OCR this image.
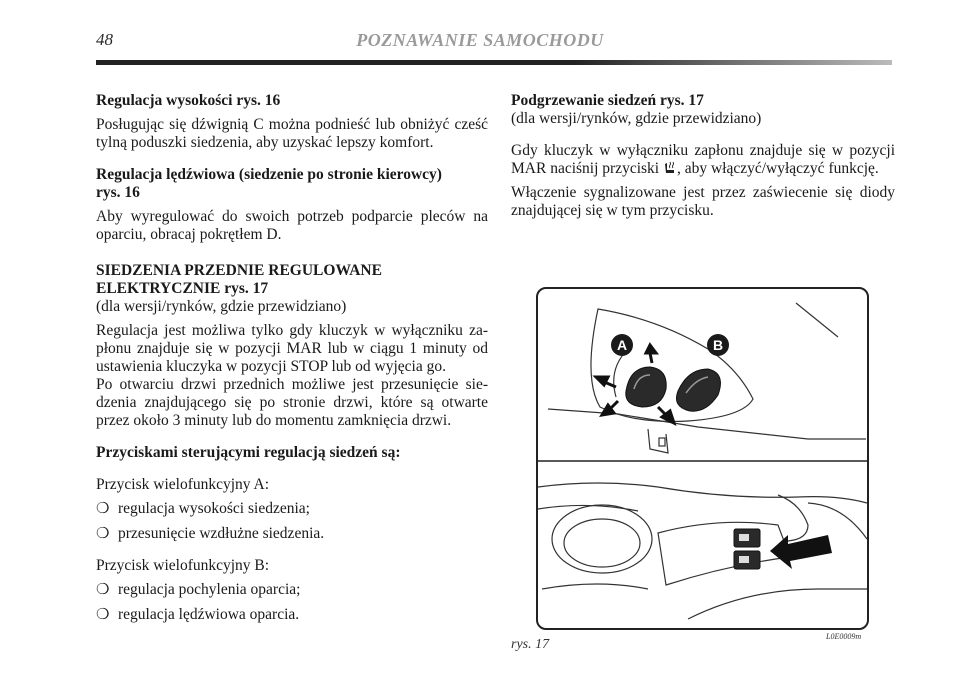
48	POZNAWANIE SAMOCHODU

Regulacja wysokości rys. 16

Posługując się dźwignią C można podnieść lub obniżyć cześć tylną poduszki siedzenia, aby uzyskać lepszy komfort.

Regulacja lędźwiowa (siedzenie po stronie kierowcy)

rys. 16

Aby wyregulować do swoich potrzeb podparcie pleców na oparciu, obracaj pokrętłem D.

SIEDZENIA PRZEDNIE REGULOWANE

ELEKTRYCZNIE rys. 17

(dla wersji/rynków, gdzie przewidziano)

Regulacja jest możliwa tylko gdy kluczyk w wyłączniku za-płonu znajduje się w pozycji MAR lub w ciągu 1 minuty od ustawienia kluczyka w pozycji STOP lub od wyjęcia go.

Po otwarciu drzwi przednich możliwe jest przesunięcie sie-dzenia znajdującego się po stronie drzwi, które są otwarte przez około 3 minuty lub do momentu zamknięcia drzwi.

Przyciskami sterującymi regulacją siedzeń są:

Przycisk wielofunkcyjny A:

❍ regulacja wysokości siedzenia;
❍ przesunięcie wzdłużne siedzenia.

Przycisk wielofunkcyjny B:

❍ regulacja pochylenia oparcia;
❍ regulacja lędźwiowa oparcia.

Podgrzewanie siedzeń rys. 17

(dla wersji/rynków, gdzie przewidziano)

Gdy kluczyk w wyłączniku zapłonu znajduje się w pozycji MAR naciśnij przyciski , aby włączyć/wyłączyć funkcję.

Włączenie sygnalizowane jest przez zaświecenie się diody znajdującej się w tym przycisku.

A	B
rys. 17
L0E0009m
